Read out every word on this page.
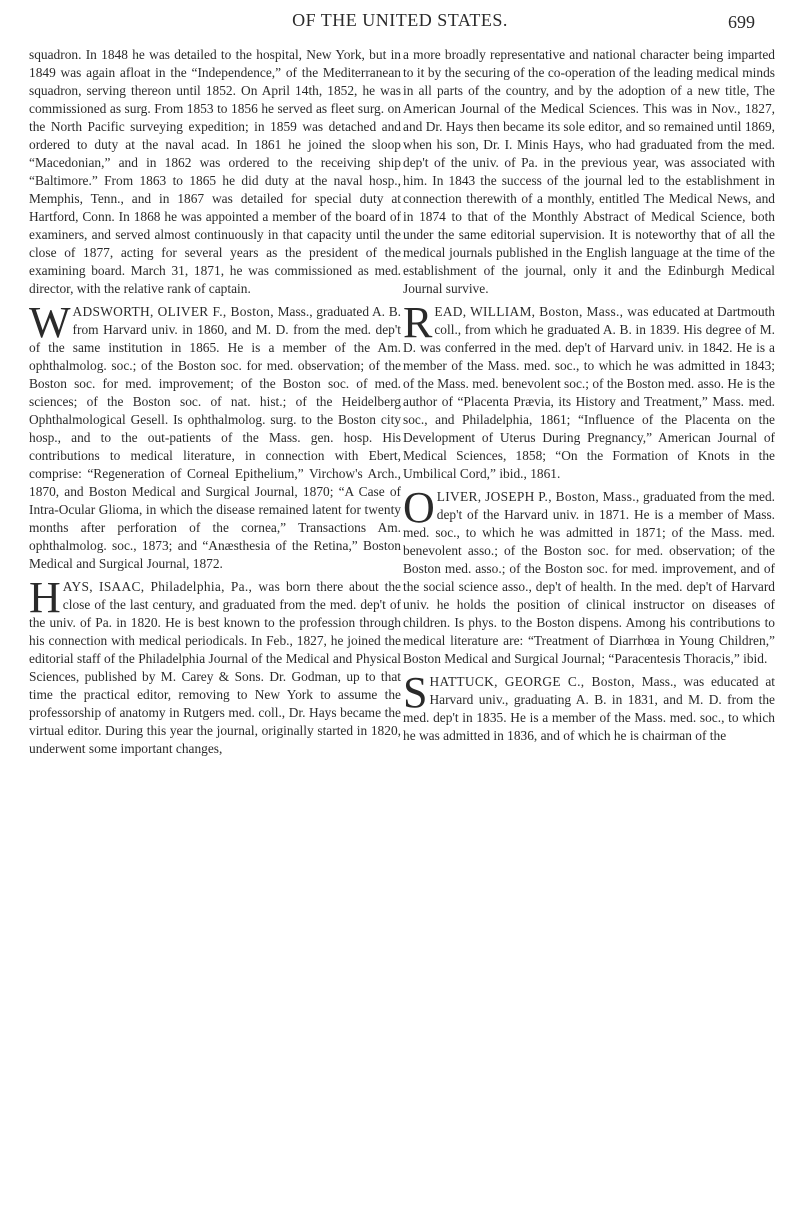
OF THE UNITED STATES.	699

squadron. In 1848 he was detailed to the hospital, New York, but in 1849 was again afloat in the “Independence,” of the Mediterranean squadron, serving thereon until 1852. On April 14th, 1852, he was commissioned as surg. From 1853 to 1856 he served as fleet surg. on the North Pacific surveying expedition; in 1859 was detached and ordered to duty at the naval acad. In 1861 he joined the sloop “Macedonian,” and in 1862 was ordered to the receiving ship “Baltimore.” From 1863 to 1865 he did duty at the naval hosp., Memphis, Tenn., and in 1867 was detailed for special duty at Hartford, Conn. In 1868 he was appointed a member of the board of examiners, and served almost continuously in that capacity until the close of 1877, acting for several years as the president of the examining board. March 31, 1871, he was commissioned as med. director, with the relative rank of captain.

W ADSWORTH, OLIVER F., Boston, Mass., graduated A. B. from Harvard univ. in 1860, and M. D. from the med. dep't of the same institution in 1865. He is a member of the Am. ophthalmolog. soc.; of the Boston soc. for med. observation; of the Boston soc. for med. improvement; of the Boston soc. of med. sciences; of the Boston soc. of nat. hist.; of the Heidelberg Ophthalmological Gesell. Is ophthalmolog. surg. to the Boston city hosp., and to the out-patients of the Mass. gen. hosp. His contributions to medical literature, in connection with Ebert, comprise: “Regeneration of Corneal Epithelium,” Virchow's Arch., 1870, and Boston Medical and Surgical Journal, 1870; “A Case of Intra-Ocular Glioma, in which the disease remained latent for twenty months after perforation of the cornea,” Transactions Am. ophthalmolog. soc., 1873; and “Anæsthesia of the Retina,” Boston Medical and Surgical Journal, 1872.

H AYS, ISAAC, Philadelphia, Pa., was born there about the close of the last century, and graduated from the med. dep't of the univ. of Pa. in 1820. He is best known to the profession through his connection with medical periodicals. In Feb., 1827, he joined the editorial staff of the Philadelphia Journal of the Medical and Physical Sciences, published by M. Carey & Sons. Dr. Godman, up to that time the practical editor, removing to New York to assume the professorship of anatomy in Rutgers med. coll., Dr. Hays became the virtual editor. During this year the journal, originally started in 1820, underwent some important changes,

a more broadly representative and national character being imparted to it by the securing of the co-operation of the leading medical minds in all parts of the country, and by the adoption of a new title, The American Journal of the Medical Sciences. This was in Nov., 1827, and Dr. Hays then became its sole editor, and so remained until 1869, when his son, Dr. I. Minis Hays, who had graduated from the med. dep't of the univ. of Pa. in the previous year, was associated with him. In 1843 the success of the journal led to the establishment in connection therewith of a monthly, entitled The Medical News, and in 1874 to that of the Monthly Abstract of Medical Science, both under the same editorial supervision. It is noteworthy that of all the medical journals published in the English language at the time of the establishment of the journal, only it and the Edinburgh Medical Journal survive.

R EAD, WILLIAM, Boston, Mass., was educated at Dartmouth coll., from which he graduated A. B. in 1839. His degree of M. D. was conferred in the med. dep't of Harvard univ. in 1842. He is a member of the Mass. med. soc., to which he was admitted in 1843; of the Mass. med. benevolent soc.; of the Boston med. asso. He is the author of “Placenta Prævia, its History and Treatment,” Mass. med. soc., and Philadelphia, 1861; “Influence of the Placenta on the Development of Uterus During Pregnancy,” American Journal of Medical Sciences, 1858; “On the Formation of Knots in the Umbilical Cord,” ibid., 1861.

O LIVER, JOSEPH P., Boston, Mass., graduated from the med. dep't of the Harvard univ. in 1871. He is a member of Mass. med. soc., to which he was admitted in 1871; of the Mass. med. benevolent asso.; of the Boston soc. for med. observation; of the Boston med. asso.; of the Boston soc. for med. improvement, and of the social science asso., dep't of health. In the med. dep't of Harvard univ. he holds the position of clinical instructor on diseases of children. Is phys. to the Boston dispens. Among his contributions to medical literature are: “Treatment of Diarrhœa in Young Children,” Boston Medical and Surgical Journal; “Paracentesis Thoracis,” ibid.

S HATTUCK, GEORGE C., Boston, Mass., was educated at Harvard univ., graduating A. B. in 1831, and M. D. from the med. dep't in 1835. He is a member of the Mass. med. soc., to which he was admitted in 1836, and of which he is chairman of the
